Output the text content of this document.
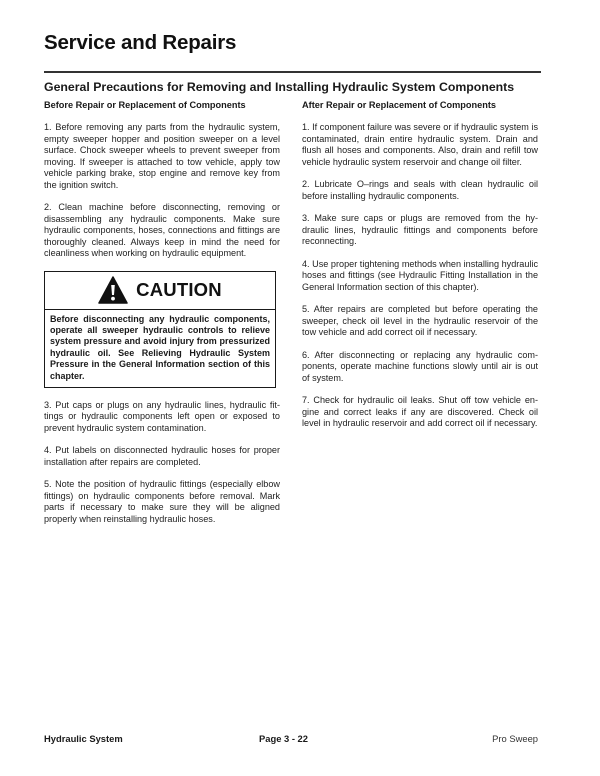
Service and Repairs
General Precautions for Removing and Installing Hydraulic System Components
Before Repair or Replacement of Components

1. Before removing any parts from the hydraulic system, empty sweeper hopper and position sweeper on a level surface. Chock sweeper wheels to prevent sweeper from moving. If sweeper is attached to tow vehicle, apply tow vehicle parking brake, stop engine and remove key from the ignition switch.

2. Clean machine before disconnecting, removing or disassembling any hydraulic components. Make sure hydraulic components, hoses, connections and fittings are thoroughly cleaned. Always keep in mind the need for cleanliness when working on hydraulic equipment.

CAUTION
Before disconnecting any hydraulic components, operate all sweeper hydraulic controls to relieve system pressure and avoid injury from pressurized hydraulic oil. See Relieving Hydraulic System Pressure in the General Information section of this chapter.

3. Put caps or plugs on any hydraulic lines, hydraulic fittings or hydraulic components left open or exposed to prevent hydraulic system contamination.

4. Put labels on disconnected hydraulic hoses for proper installation after repairs are completed.

5. Note the position of hydraulic fittings (especially elbow fittings) on hydraulic components before removal. Mark parts if necessary to make sure they will be aligned properly when reinstalling hydraulic hoses.

After Repair or Replacement of Components

1. If component failure was severe or if hydraulic system is contaminated, drain entire hydraulic system. Drain and flush all hoses and components. Also, drain and refill tow vehicle hydraulic system reservoir and change oil filter.

2. Lubricate O–rings and seals with clean hydraulic oil before installing hydraulic components.

3. Make sure caps or plugs are removed from the hydraulic lines, hydraulic fittings and components before reconnecting.

4. Use proper tightening methods when installing hydraulic hoses and fittings (see Hydraulic Fitting Installation in the General Information section of this chapter).

5. After repairs are completed but before operating the sweeper, check oil level in the hydraulic reservoir of the tow vehicle and add correct oil if necessary.

6. After disconnecting or replacing any hydraulic components, operate machine functions slowly until air is out of system.

7. Check for hydraulic oil leaks. Shut off tow vehicle engine and correct leaks if any are discovered. Check oil level in hydraulic reservoir and add correct oil if necessary.

Hydraulic System	Page 3 - 22	Pro Sweep
